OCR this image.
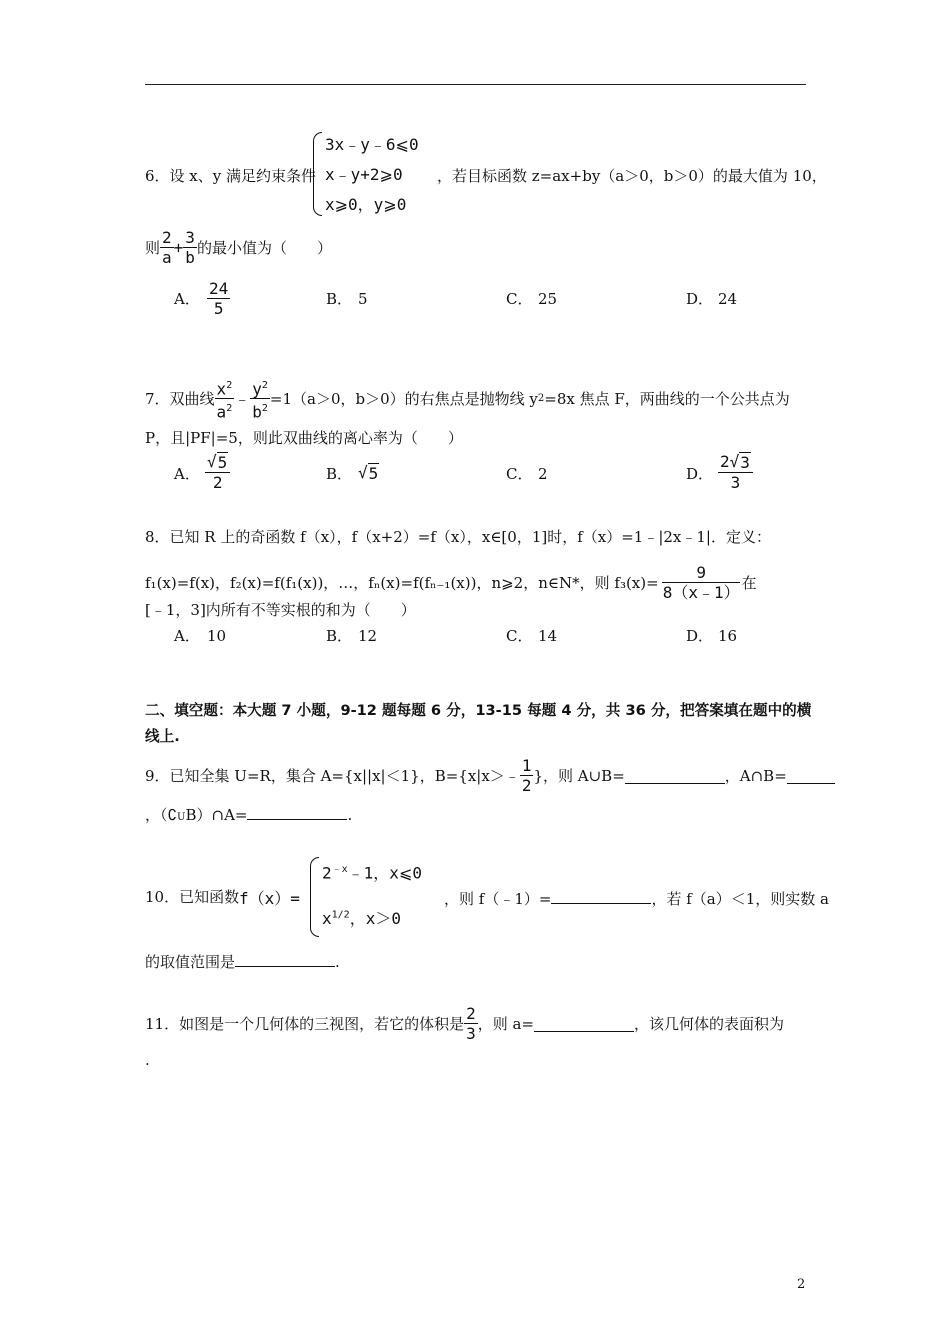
6．设 x、y 满足约束条件
3x﹣y﹣6⩽0
x﹣y+2⩾0
x⩾0，y⩾0
，若目标函数 z=ax+by（a＞0，b＞0）的最大值为 10，
则 $\frac{2}{a} + \frac{3}{b}$ 的最小值为（　　）
A． $\frac{24}{5}$	B． 5	C． 25	D． 24
7．双曲线 $\frac{x^2}{a^2}$ ﹣ $\frac{y^2}{b^2} =1(a>0$，b＞0）的右焦点是抛物线 y 2 =8x 焦点 F，两曲线的一个公共点为
P，且|PF|=5，则此双曲线的离心率为（　　）
A． $\frac{√ 5}{2}$	B． √ 5	C． 2	D． $\frac{2 √ 3}{3}$
8．已知 R 上的奇函数 f（x），f（x+2）=f（x），x∈[0，1]时，f（x）=1﹣|2x﹣1|．定义：
f₁(x)=f(x)，f₂(x)=f(f₁(x))，…，fₙ(x)=f(fₙ₋₁(x))，n⩾2，n∈N*，则 $f_3(x)= \frac{9}{8(x﹣1)}$ 在
[﹣1，3]内所有不等实根的和为（　　）
A． 10	B． 12	C． 14	D． 16
二、填空题：本大题 7 小题，9-12 题每题 6 分，13-15 每题 4 分，共 36 分，把答案填在题中的横
线上.
9．已知全集 U=R，集合 A={x||x|＜1}，B={x|x＞﹣ $\frac{1}{2}$ }，则 A∪B=	，A∩B=
，（$∁_U$ B）∩A=	.
10．已知函数 f（x）=
$2^{﹣x}﹣1$，x⩽0
$x^{1/2}$，x＞0
，则 f（﹣1）=	，若 f（a）＜1，则实数 a
的取值范围是	.
11．如图是一个几何体的三视图，若它的体积是 $\frac{2}{3}$ ，则 a=	，该几何体的表面积为
.
2
